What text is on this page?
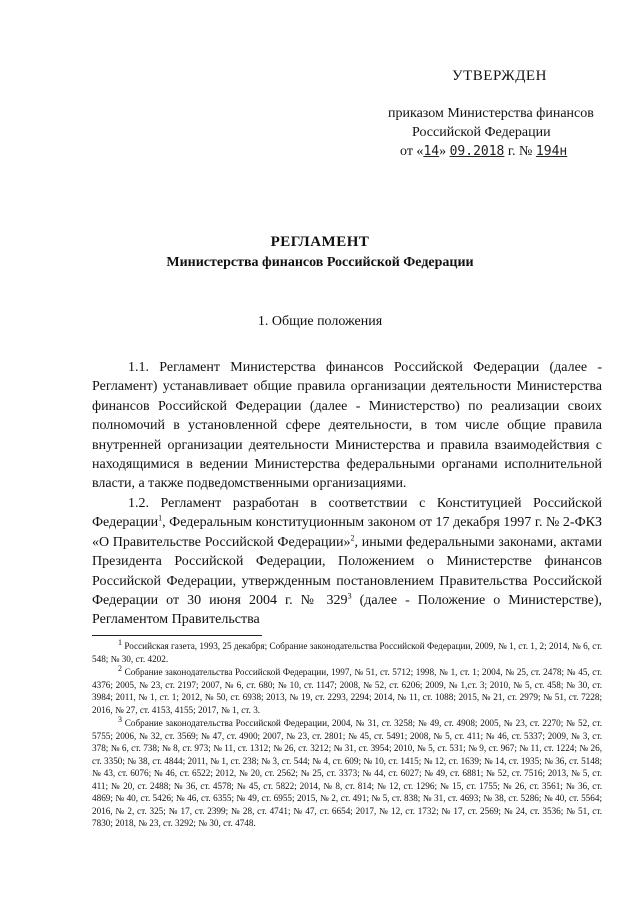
УТВЕРЖДЕН
приказом Министерства финансов
Российской Федерации
от «14» 09.2018 г. № 194н
РЕГЛАМЕНТ
Министерства финансов Российской Федерации
1. Общие положения

1.1. Регламент Министерства финансов Российской Федерации (далее - Регламент) устанавливает общие правила организации деятельности Министерства финансов Российской Федерации (далее - Министерство) по реализации своих полномочий в установленной сфере деятельности, в том числе общие правила внутренней организации деятельности Министерства и правила взаимодействия с находящимися в ведении Министерства федеральными органами исполнительной власти, а также подведомственными организациями.

1.2. Регламент разработан в соответствии с Конституцией Российской Федерации$^1$, Федеральным конституционным законом от 17 декабря 1997 г. № 2-ФКЗ «О Правительстве Российской Федерации»$^2$, иными федеральными законами, актами Президента Российской Федерации, Положением о Министерстве финансов Российской Федерации, утвержденным постановлением Правительства Российской Федерации от 30 июня 2004 г. № $329^3$ (далее - Положение о Министерстве), Регламентом Правительства

$^1$ Российская газета, 1993, 25 декабря; Собрание законодательства Российской Федерации, 2009, № 1, ст. 1, 2; 2014, № 6, ст. 548; № 30, ст. 4202.

$^2$ Собрание законодательства Российской Федерации, 1997, № 51, ст. 5712; 1998, № 1, ст. 1; 2004, № 25, ст. 2478; № 45, ст. 4376; 2005, № 23, ст. 2197; 2007, № 6, ст. 680; № 10, ст. 1147; 2008, № 52, ст. 6206; 2009, № 1,ст. 3; 2010, № 5, ст. 458; № 30, ст. 3984; 2011, № 1, ст. 1; 2012, № 50, ст. 6938; 2013, № 19, ст. 2293, 2294; 2014, № 11, ст. 1088; 2015, № 21, ст. 2979; № 51, ст. 7228; 2016, № 27, ст. 4153, 4155; 2017, № 1, ст. 3.

$^3$ Собрание законодательства Российской Федерации, 2004, № 31, ст. 3258; № 49, ст. 4908; 2005, № 23, ст. 2270; № 52, ст. 5755; 2006, № 32, ст. 3569; № 47, ст. 4900; 2007, № 23, ст. 2801; № 45, ст. 5491; 2008, № 5, ст. 411; № 46, ст. 5337; 2009, № 3, ст. 378; № 6, ст. 738; № 8, ст. 973; № 11, ст. 1312; № 26, ст. 3212; № 31, ст. 3954; 2010, № 5, ст. 531; № 9, ст. 967; № 11, ст. 1224; № 26, ст. 3350; № 38, ст. 4844; 2011, № 1, ст. 238; № 3, ст. 544; № 4, ст. 609; № 10, ст. 1415; № 12, ст. 1639; № 14, ст. 1935; № 36, ст. 5148; № 43, ст. 6076; № 46, ст. 6522; 2012, № 20, ст. 2562; № 25, ст. 3373; № 44, ст. 6027; № 49, ст. 6881; № 52, ст. 7516; 2013, № 5, ст. 411; № 20, ст. 2488; № 36, ст. 4578; № 45, ст. 5822; 2014, № 8, ст. 814; № 12, ст. 1296; № 15, ст. 1755; № 26, ст. 3561; № 36, ст. 4869; № 40, ст. 5426; № 46, ст. 6355; № 49, ст. 6955; 2015, № 2, ст. 491; № 5, ст. 838; № 31, ст. 4693; № 38, ст. 5286; № 40, ст. 5564; 2016, № 2, ст. 325; № 17, ст. 2399; № 28, ст. 4741; № 47, ст. 6654; 2017, № 12, ст. 1732; № 17, ст. 2569; № 24, ст. 3536; № 51, ст. 7830; 2018, № 23, ст. 3292; № 30, ст. 4748.
